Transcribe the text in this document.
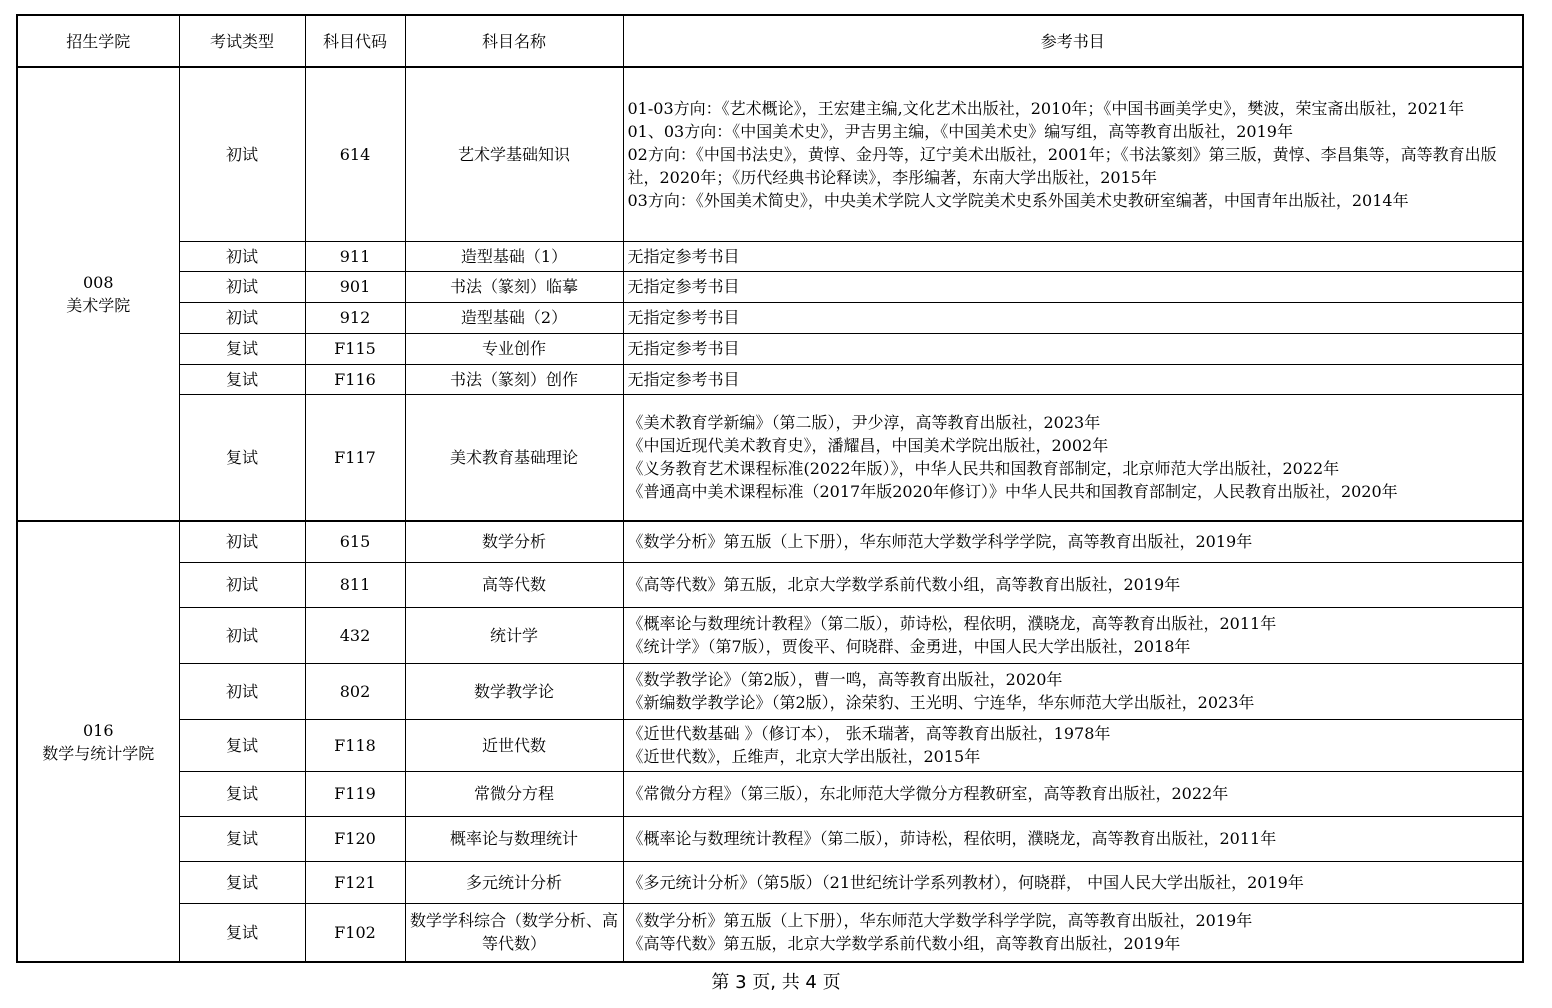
招生学院	考试类型	科目代码	科目名称	参考书目
008
美术学院	初试	614	艺术学基础知识	01-03方向：《艺术概论》，王宏建主编,文化艺术出版社，2010年；《中国书画美学史》，樊波，荣宝斋出版社，2021年
01、03方向：《中国美术史》，尹吉男主编，《中国美术史》编写组，高等教育出版社，2019年
02方向：《中国书法史》，黄惇、金丹等，辽宁美术出版社，2001年；《书法篆刻》第三版，黄惇、李昌集等，高等教育出版社，2020年；《历代经典书论释读》，李彤编著，东南大学出版社，2015年
03方向：《外国美术简史》，中央美术学院人文学院美术史系外国美术史教研室编著，中国青年出版社，2014年
	初试	911	造型基础（1）	无指定参考书目
	初试	901	书法（篆刻）临摹	无指定参考书目
	初试	912	造型基础（2）	无指定参考书目
	复试	F115	专业创作	无指定参考书目
	复试	F116	书法（篆刻）创作	无指定参考书目
	复试	F117	美术教育基础理论	《美术教育学新编》（第二版），尹少淳，高等教育出版社，2023年
《中国近现代美术教育史》，潘耀昌，中国美术学院出版社，2002年
《义务教育艺术课程标准(2022年版）》，中华人民共和国教育部制定，北京师范大学出版社，2022年
《普通高中美术课程标准（2017年版2020年修订）》中华人民共和国教育部制定，人民教育出版社，2020年
016
数学与统计学院	初试	615	数学分析	《数学分析》第五版（上下册），华东师范大学数学科学学院，高等教育出版社，2019年
	初试	811	高等代数	《高等代数》第五版，北京大学数学系前代数小组，高等教育出版社，2019年
	初试	432	统计学	《概率论与数理统计教程》（第二版），茆诗松，程依明，濮晓龙，高等教育出版社，2011年
《统计学》（第7版），贾俊平、何晓群、金勇进，中国人民大学出版社，2018年
	初试	802	数学教学论	《数学教学论》（第2版），曹一鸣，高等教育出版社，2020年
《新编数学教学论》（第2版），涂荣豹、王光明、宁连华，华东师范大学出版社，2023年
	复试	F118	近世代数	《近世代数基础 》（修订本）， 张禾瑞著，高等教育出版社，1978年
《近世代数》，丘维声，北京大学出版社，2015年
	复试	F119	常微分方程	《常微分方程》（第三版），东北师范大学微分方程教研室，高等教育出版社，2022年
	复试	F120	概率论与数理统计	《概率论与数理统计教程》（第二版），茆诗松，程依明，濮晓龙，高等教育出版社，2011年
	复试	F121	多元统计分析	《多元统计分析》（第5版）（21世纪统计学系列教材），何晓群， 中国人民大学出版社，2019年
	复试	F102	数学学科综合（数学分析、高等代数）	《数学分析》第五版（上下册），华东师范大学数学科学学院，高等教育出版社，2019年
《高等代数》第五版，北京大学数学系前代数小组，高等教育出版社，2019年
第 3 页, 共 4 页
